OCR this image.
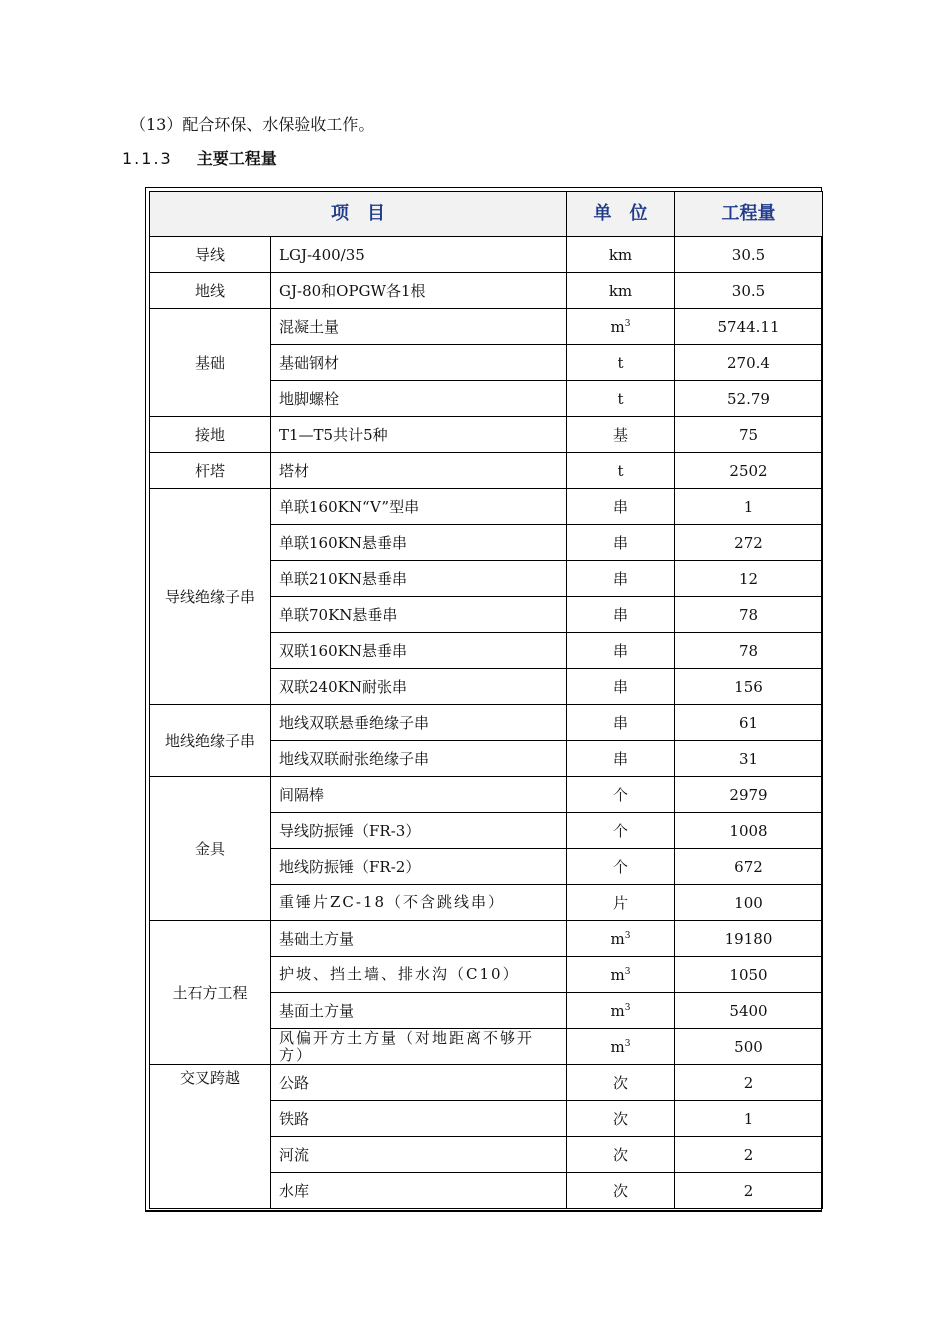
（13）配合环保、水保验收工作。
1.1.3 主要工程量
项　目		单　位	工程量
导线	LGJ-400/35	km	30.5
地线	GJ-80和OPGW各1根	km	30.5
基础	混凝土量	$m^3$	5744.11
	基础钢材	t	270.4
	地脚螺栓	t	52.79
接地	T1—T5共计5种	基	75
杆塔	塔材	t	2502
导线绝缘子串	单联160KN“V”型串	串	1
	单联160KN悬垂串	串	272
	单联210KN悬垂串	串	12
	单联70KN悬垂串	串	78
	双联160KN悬垂串	串	78
	双联240KN耐张串	串	156
地线绝缘子串	地线双联悬垂绝缘子串	串	61
	地线双联耐张绝缘子串	串	31
金具	间隔棒	个	2979
	导线防振锤（FR-3）	个	1008
	地线防振锤（FR-2）	个	672
	重锤片ZC-18（不含跳线串）	片	100
土石方工程	基础土方量	$m^3$	19180
	护坡、挡土墙、排水沟（C10）	$m^3$	1050
	基面土方量	$m^3$	5400
	风偏开方土方量（对地距离不够开方）	$m^3$	500
交叉跨越	公路	次	2
	铁路	次	1
	河流	次	2
	水库	次	2
